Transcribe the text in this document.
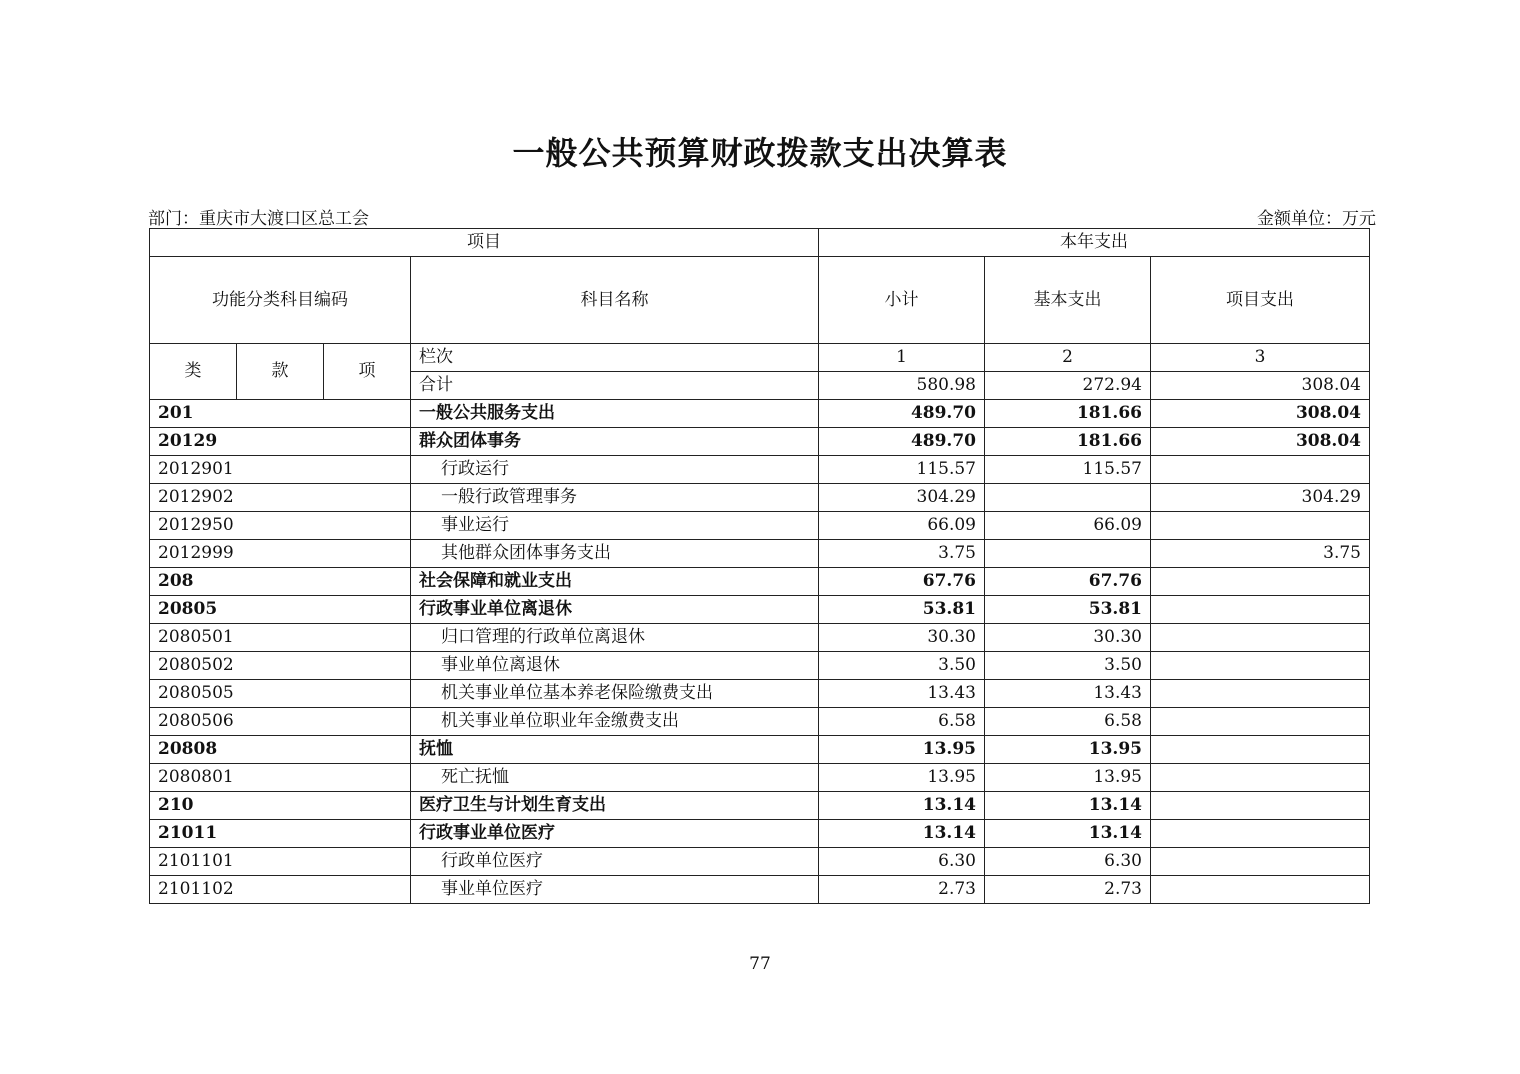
一般公共预算财政拨款支出决算表
部门：重庆市大渡口区总工会	金额单位：万元
项目				本年支出		
功能分类科目编码			科目名称	小计	基本支出	项目支出
类	款	项	栏次	1	2	3
			合计	580.98	272.94	308.04
201			一般公共服务支出	489.70	181.66	308.04
20129			群众团体事务	489.70	181.66	308.04
2012901			行政运行	115.57	115.57	
2012902			一般行政管理事务	304.29		304.29
2012950			事业运行	66.09	66.09	
2012999			其他群众团体事务支出	3.75		3.75
208			社会保障和就业支出	67.76	67.76	
20805			行政事业单位离退休	53.81	53.81	
2080501			归口管理的行政单位离退休	30.30	30.30	
2080502			事业单位离退休	3.50	3.50	
2080505			机关事业单位基本养老保险缴费支出	13.43	13.43	
2080506			机关事业单位职业年金缴费支出	6.58	6.58	
20808			抚恤	13.95	13.95	
2080801			死亡抚恤	13.95	13.95	
210			医疗卫生与计划生育支出	13.14	13.14	
21011			行政事业单位医疗	13.14	13.14	
2101101			行政单位医疗	6.30	6.30	
2101102			事业单位医疗	2.73	2.73	
77
